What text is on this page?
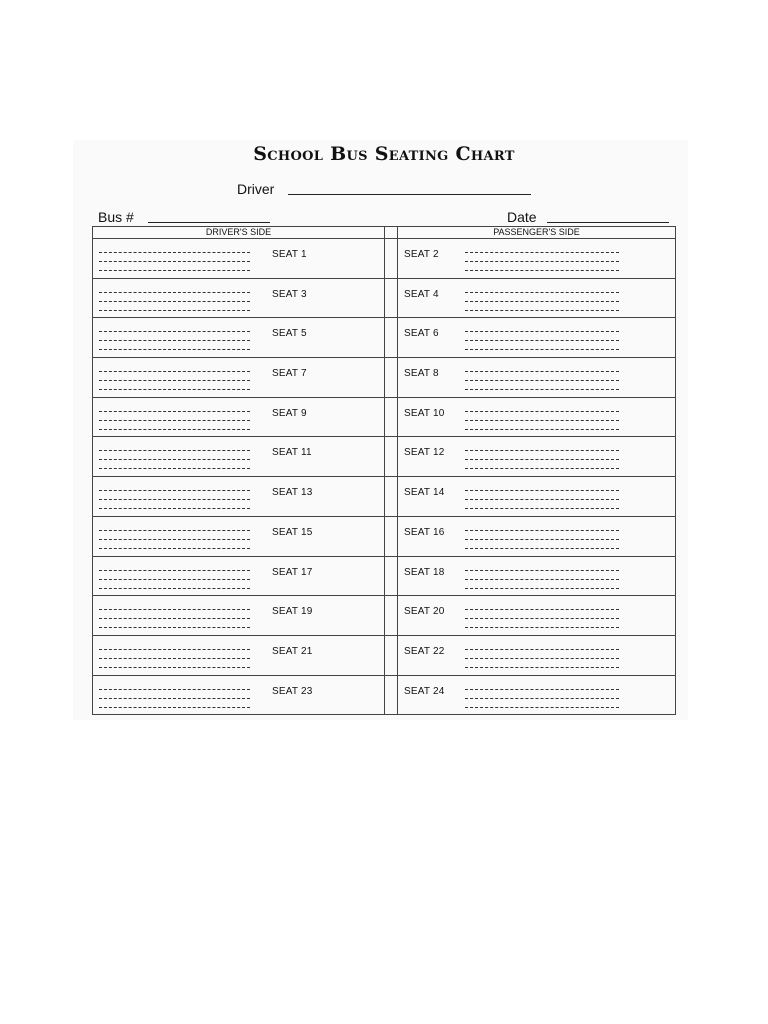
School Bus Seating Chart
Driver
Bus #	Date
DRIVER'S SIDE		PASSENGER'S SIDE

SEAT 1		SEAT 2

SEAT 3		SEAT 4

SEAT 5		SEAT 6

SEAT 7		SEAT 8

SEAT 9		SEAT 10

SEAT 11		SEAT 12

SEAT 13		SEAT 14

SEAT 15		SEAT 16

SEAT 17		SEAT 18

SEAT 19		SEAT 20

SEAT 21		SEAT 22

SEAT 23		SEAT 24
